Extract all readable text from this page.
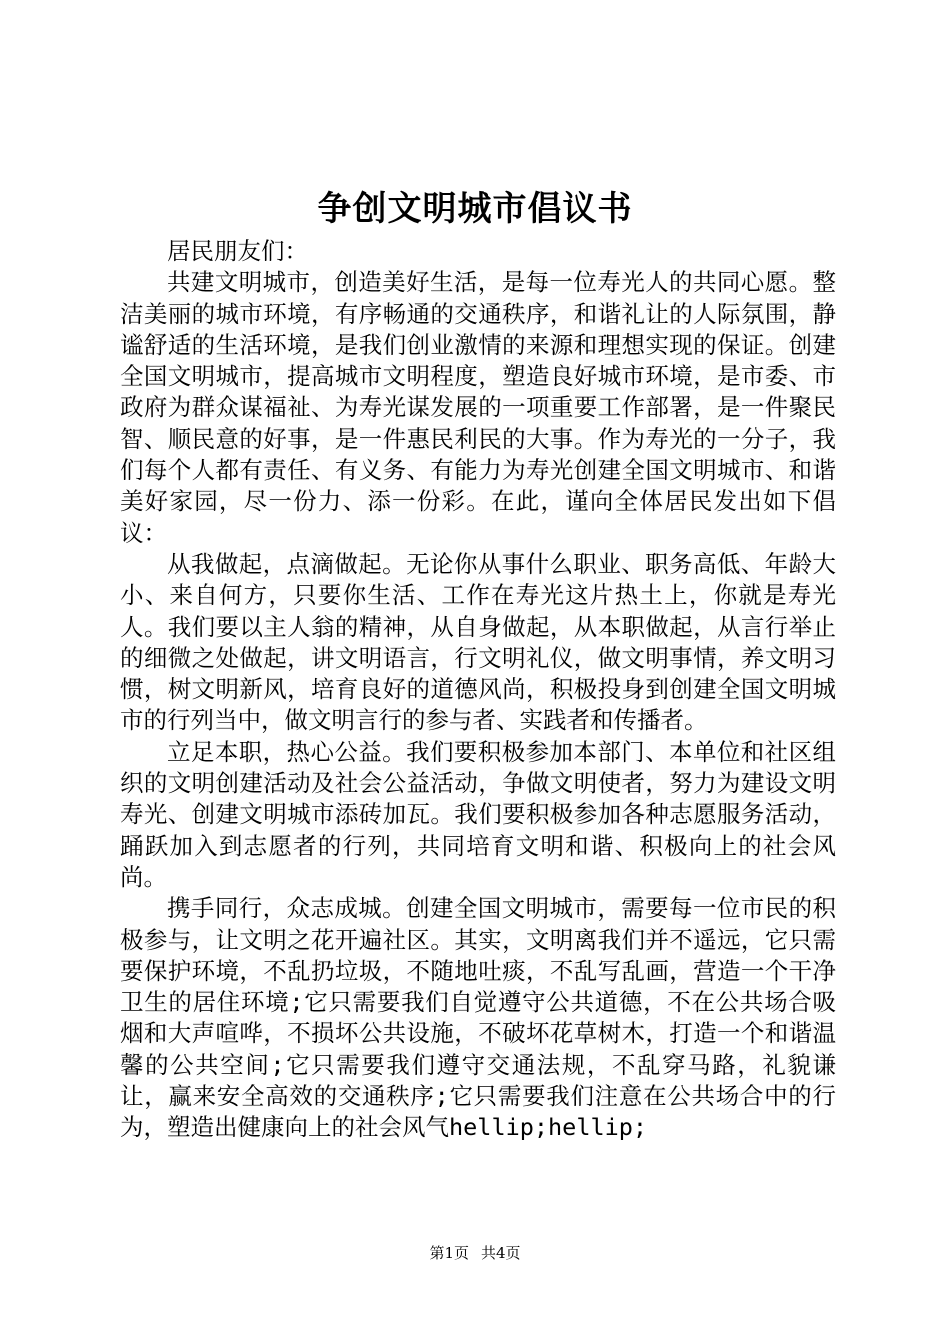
争创文明城市倡议书

居民朋友们：

共建文明城市，创造美好生活，是每一位寿光人的共同心愿。整洁美丽的城市环境，有序畅通的交通秩序，和谐礼让的人际氛围，静谧舒适的生活环境，是我们创业激情的来源和理想实现的保证。创建全国文明城市，提高城市文明程度，塑造良好城市环境，是市委、市政府为群众谋福祉、为寿光谋发展的一项重要工作部署，是一件聚民智、顺民意的好事，是一件惠民利民的大事。作为寿光的一分子，我们每个人都有责任、有义务、有能力为寿光创建全国文明城市、和谐美好家园，尽一份力、添一份彩。在此，谨向全体居民发出如下倡议：

从我做起，点滴做起。无论你从事什么职业、职务高低、年龄大小、来自何方，只要你生活、工作在寿光这片热土上，你就是寿光人。我们要以主人翁的精神，从自身做起，从本职做起，从言行举止的细微之处做起，讲文明语言，行文明礼仪，做文明事情，养文明习惯，树文明新风，培育良好的道德风尚，积极投身到创建全国文明城市的行列当中，做文明言行的参与者、实践者和传播者。

立足本职，热心公益。我们要积极参加本部门、本单位和社区组织的文明创建活动及社会公益活动，争做文明使者，努力为建设文明寿光、创建文明城市添砖加瓦。我们要积极参加各种志愿服务活动，踊跃加入到志愿者的行列，共同培育文明和谐、积极向上的社会风尚。

携手同行，众志成城。创建全国文明城市，需要每一位市民的积极参与，让文明之花开遍社区。其实，文明离我们并不遥远，它只需要保护环境，不乱扔垃圾，不随地吐痰，不乱写乱画，营造一个干净卫生的居住环境;它只需要我们自觉遵守公共道德，不在公共场合吸烟和大声喧哗，不损坏公共设施，不破坏花草树木，打造一个和谐温馨的公共空间;它只需要我们遵守交通法规，不乱穿马路，礼貌谦让，赢来安全高效的交通秩序;它只需要我们注意在公共场合中的行为，塑造出健康向上的社会风气hellip;hellip;

第1页 共4页
